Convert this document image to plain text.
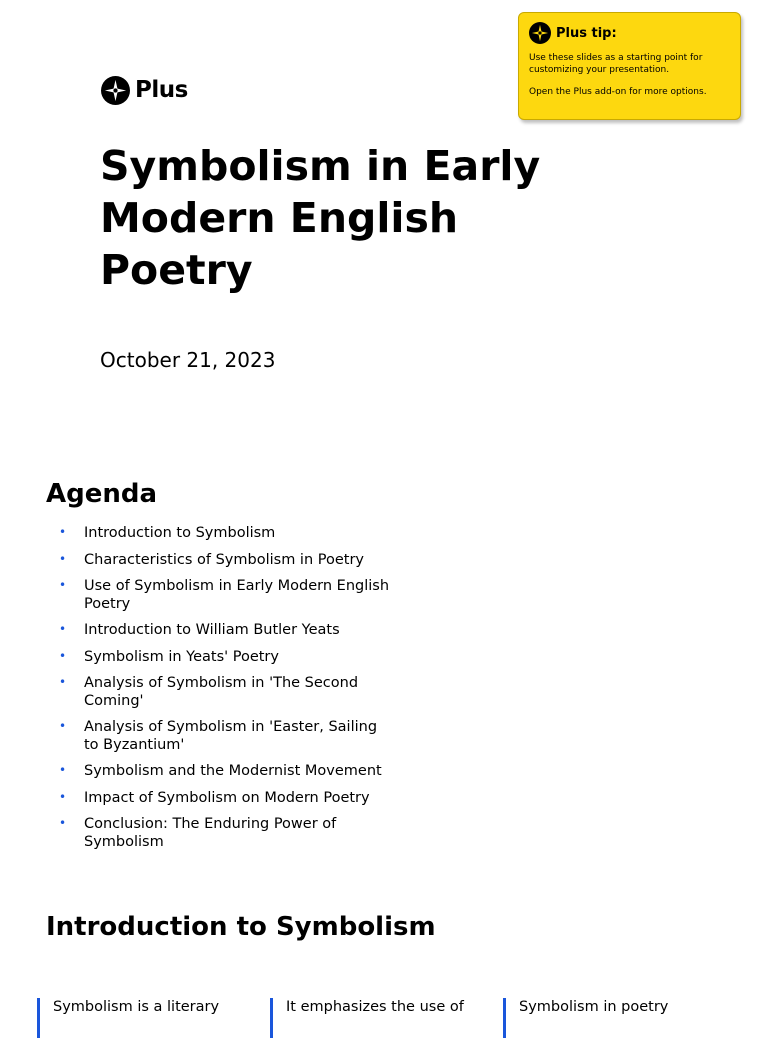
Plus
Symbolism in Early Modern English Poetry

October 21, 2023

Plus tip:

Use these slides as a starting point for customizing your presentation.

Open the Plus add-on for more options.

Agenda
• Introduction to Symbolism
• Characteristics of Symbolism in Poetry
• Use of Symbolism in Early Modern English Poetry
• Introduction to William Butler Yeats
• Symbolism in Yeats' Poetry
• Analysis of Symbolism in 'The Second Coming'
• Analysis of Symbolism in 'Easter, Sailing to Byzantium'
• Symbolism and the Modernist Movement
• Impact of Symbolism on Modern Poetry
• Conclusion: The Enduring Power of Symbolism
Introduction to Symbolism
Symbolism is a literary	It emphasizes the use of	Symbolism in poetry
